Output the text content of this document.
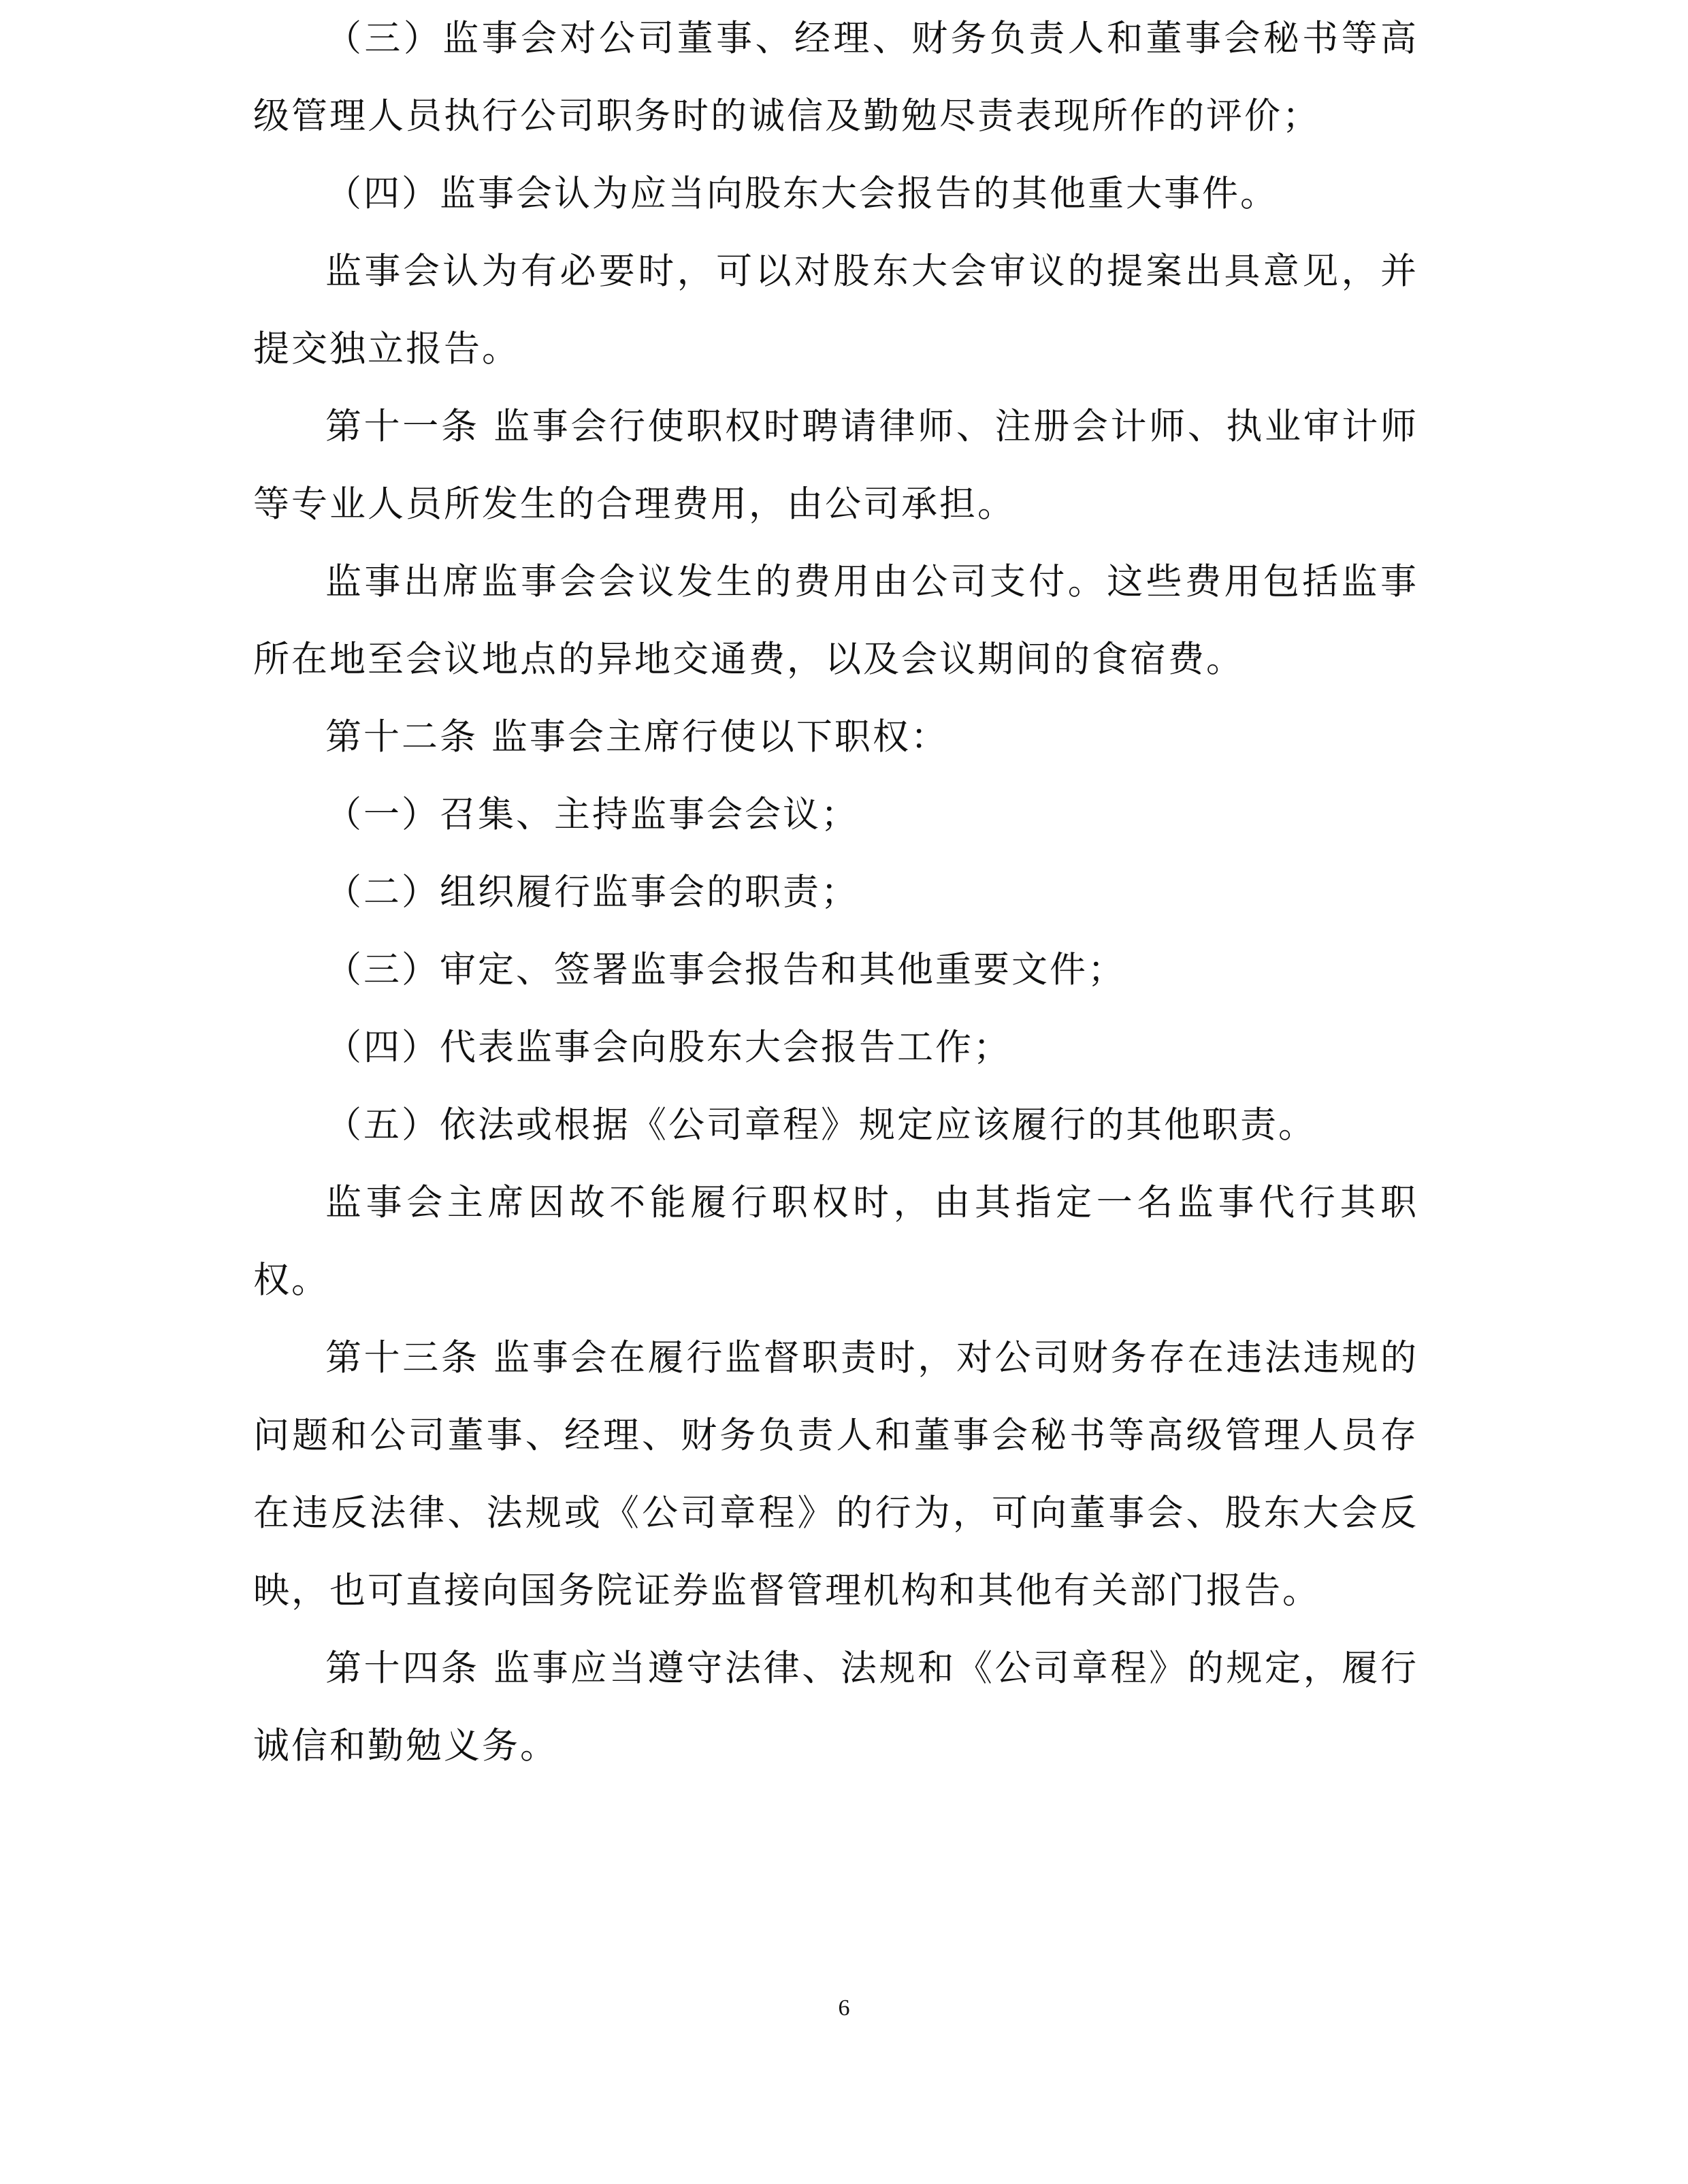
（三）监事会对公司董事、经理、财务负责人和董事会秘书等高级管理人员执行公司职务时的诚信及勤勉尽责表现所作的评价；

（四）监事会认为应当向股东大会报告的其他重大事件。

监事会认为有必要时，可以对股东大会审议的提案出具意见，并提交独立报告。

第十一条 监事会行使职权时聘请律师、注册会计师、执业审计师等专业人员所发生的合理费用，由公司承担。

监事出席监事会会议发生的费用由公司支付。这些费用包括监事所在地至会议地点的异地交通费，以及会议期间的食宿费。

第十二条 监事会主席行使以下职权：

（一）召集、主持监事会会议；

（二）组织履行监事会的职责；

（三）审定、签署监事会报告和其他重要文件；

（四）代表监事会向股东大会报告工作；

（五）依法或根据《公司章程》规定应该履行的其他职责。

监事会主席因故不能履行职权时，由其指定一名监事代行其职权。

第十三条 监事会在履行监督职责时，对公司财务存在违法违规的问题和公司董事、经理、财务负责人和董事会秘书等高级管理人员存在违反法律、法规或《公司章程》的行为，可向董事会、股东大会反映，也可直接向国务院证券监督管理机构和其他有关部门报告。

第十四条 监事应当遵守法律、法规和《公司章程》的规定，履行诚信和勤勉义务。

6
